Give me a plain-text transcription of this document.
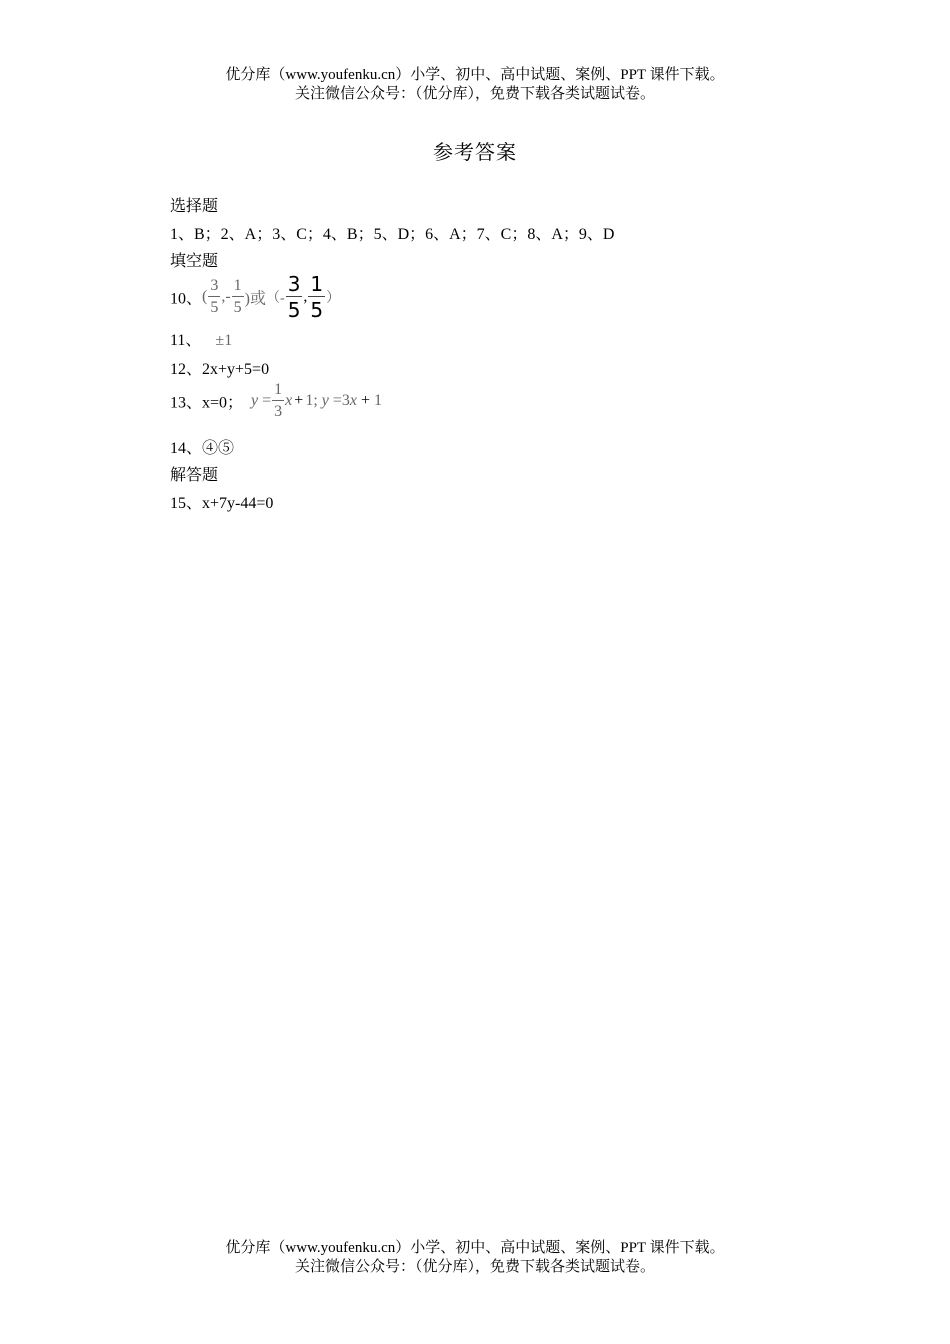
优分库（www.youfenku.cn）小学、初中、高中试题、案例、PPT 课件下载。
关注微信公众号：（优分库），免费下载各类试题试卷。
参考答案
选择题
1、B；2、A；3、C；4、B；5、D；6、A；7、C；8、A；9、D
填空题
10、( $\frac{3}{5}$ ,- $\frac{1}{5}$ )或（- $\frac{3}{5}$ , $\frac{1}{5}$ ）
11、 ±1
12、2x+y+5=0
13、x=0； $y = \frac{1}{3}$ x + 1; y =3x + 1
14、④⑤
解答题
15、x+7y-44=0
优分库（www.youfenku.cn）小学、初中、高中试题、案例、PPT 课件下载。
关注微信公众号：（优分库），免费下载各类试题试卷。
